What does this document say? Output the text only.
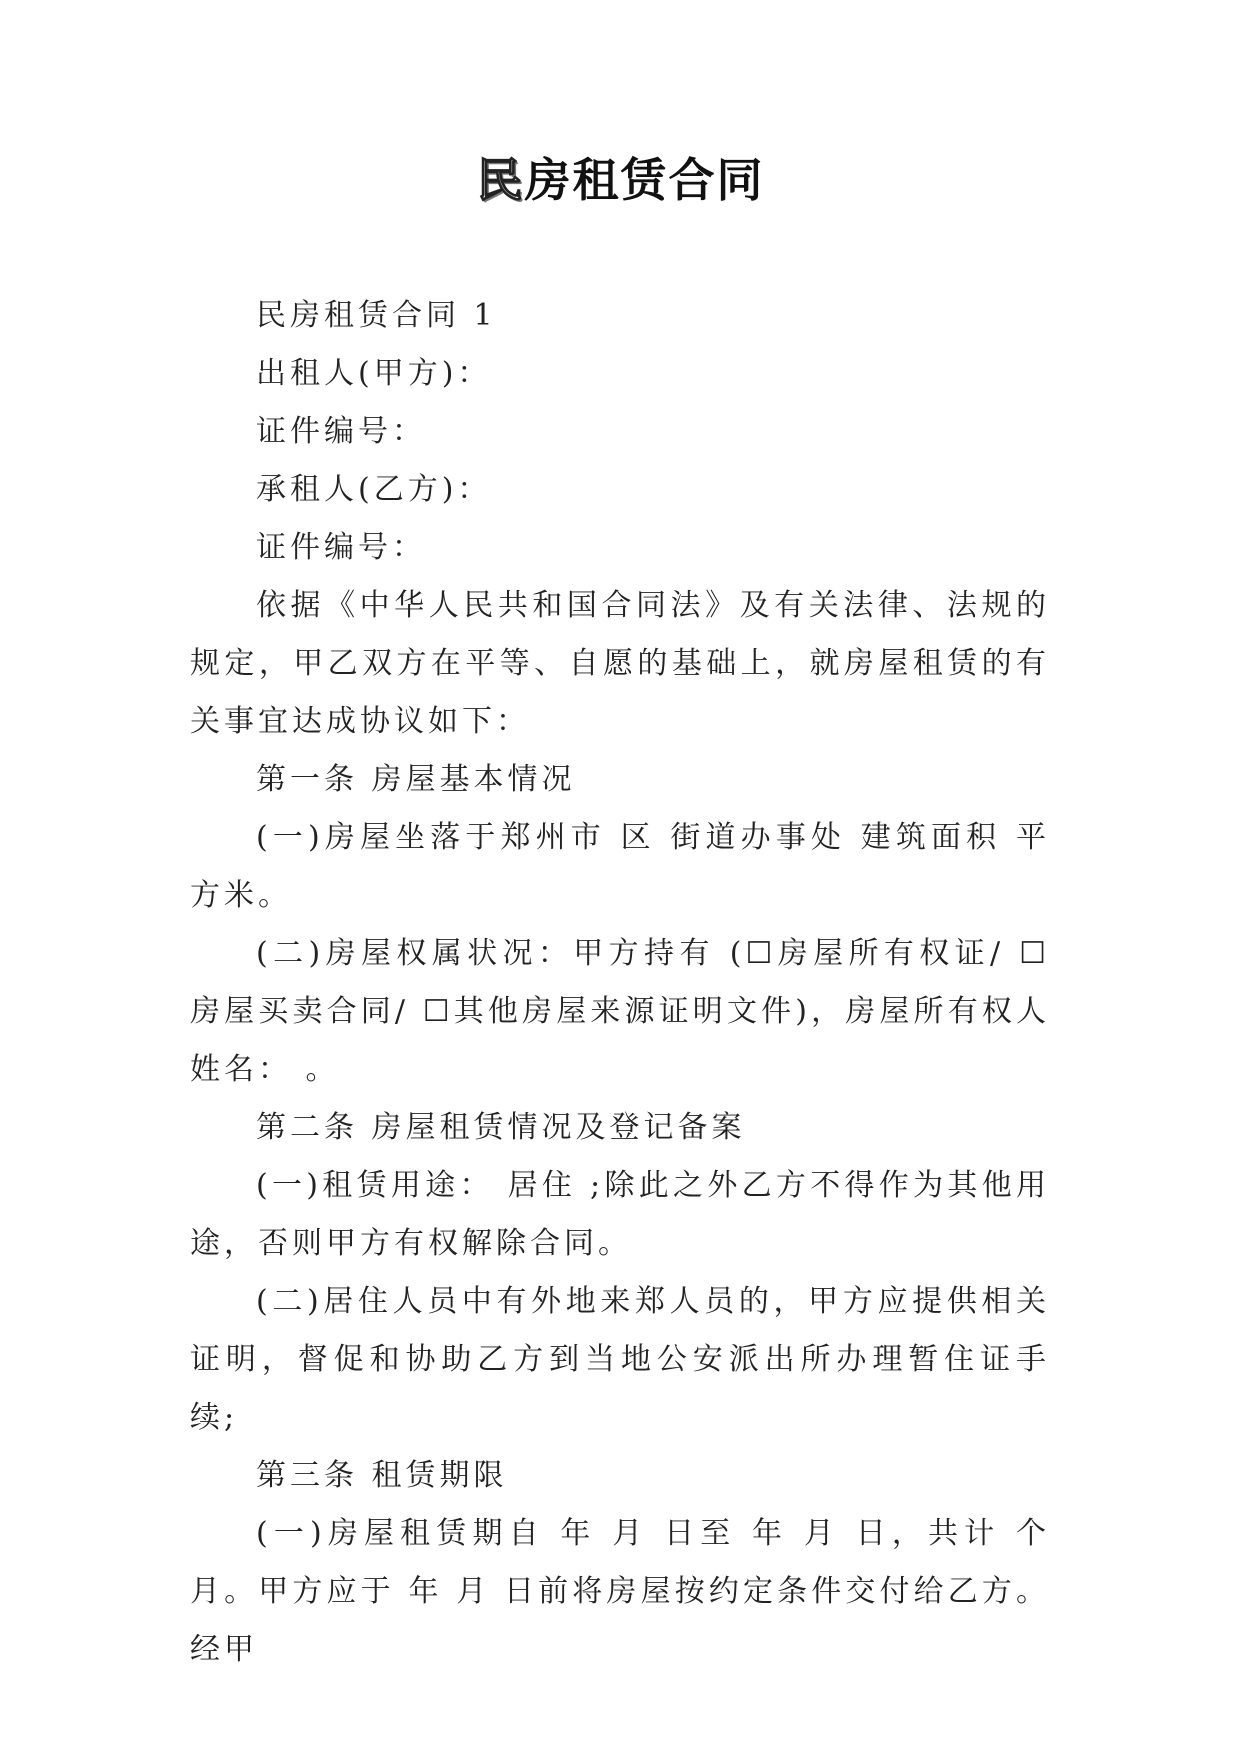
民房租赁合同

民房租赁合同 1

出租人(甲方)：

证件编号：

承租人(乙方)：

证件编号：

依据《中华人民共和国合同法》及有关法律、法规的规定，甲乙双方在平等、自愿的基础上，就房屋租赁的有关事宜达成协议如下：

第一条 房屋基本情况

(一)房屋坐落于郑州市 区 街道办事处 建筑面积 平方米。

(二)房屋权属状况：甲方持有 (☐房屋所有权证/ ☐房屋买卖合同/ ☐其他房屋来源证明文件)，房屋所有权人姓名： 。

第二条 房屋租赁情况及登记备案

(一)租赁用途： 居住 ;除此之外乙方不得作为其他用途，否则甲方有权解除合同。

(二)居住人员中有外地来郑人员的，甲方应提供相关证明，督促和协助乙方到当地公安派出所办理暂住证手续;

第三条 租赁期限

(一)房屋租赁期自 年 月 日至 年 月 日，共计 个月。甲方应于 年 月 日前将房屋按约定条件交付给乙方。经甲
